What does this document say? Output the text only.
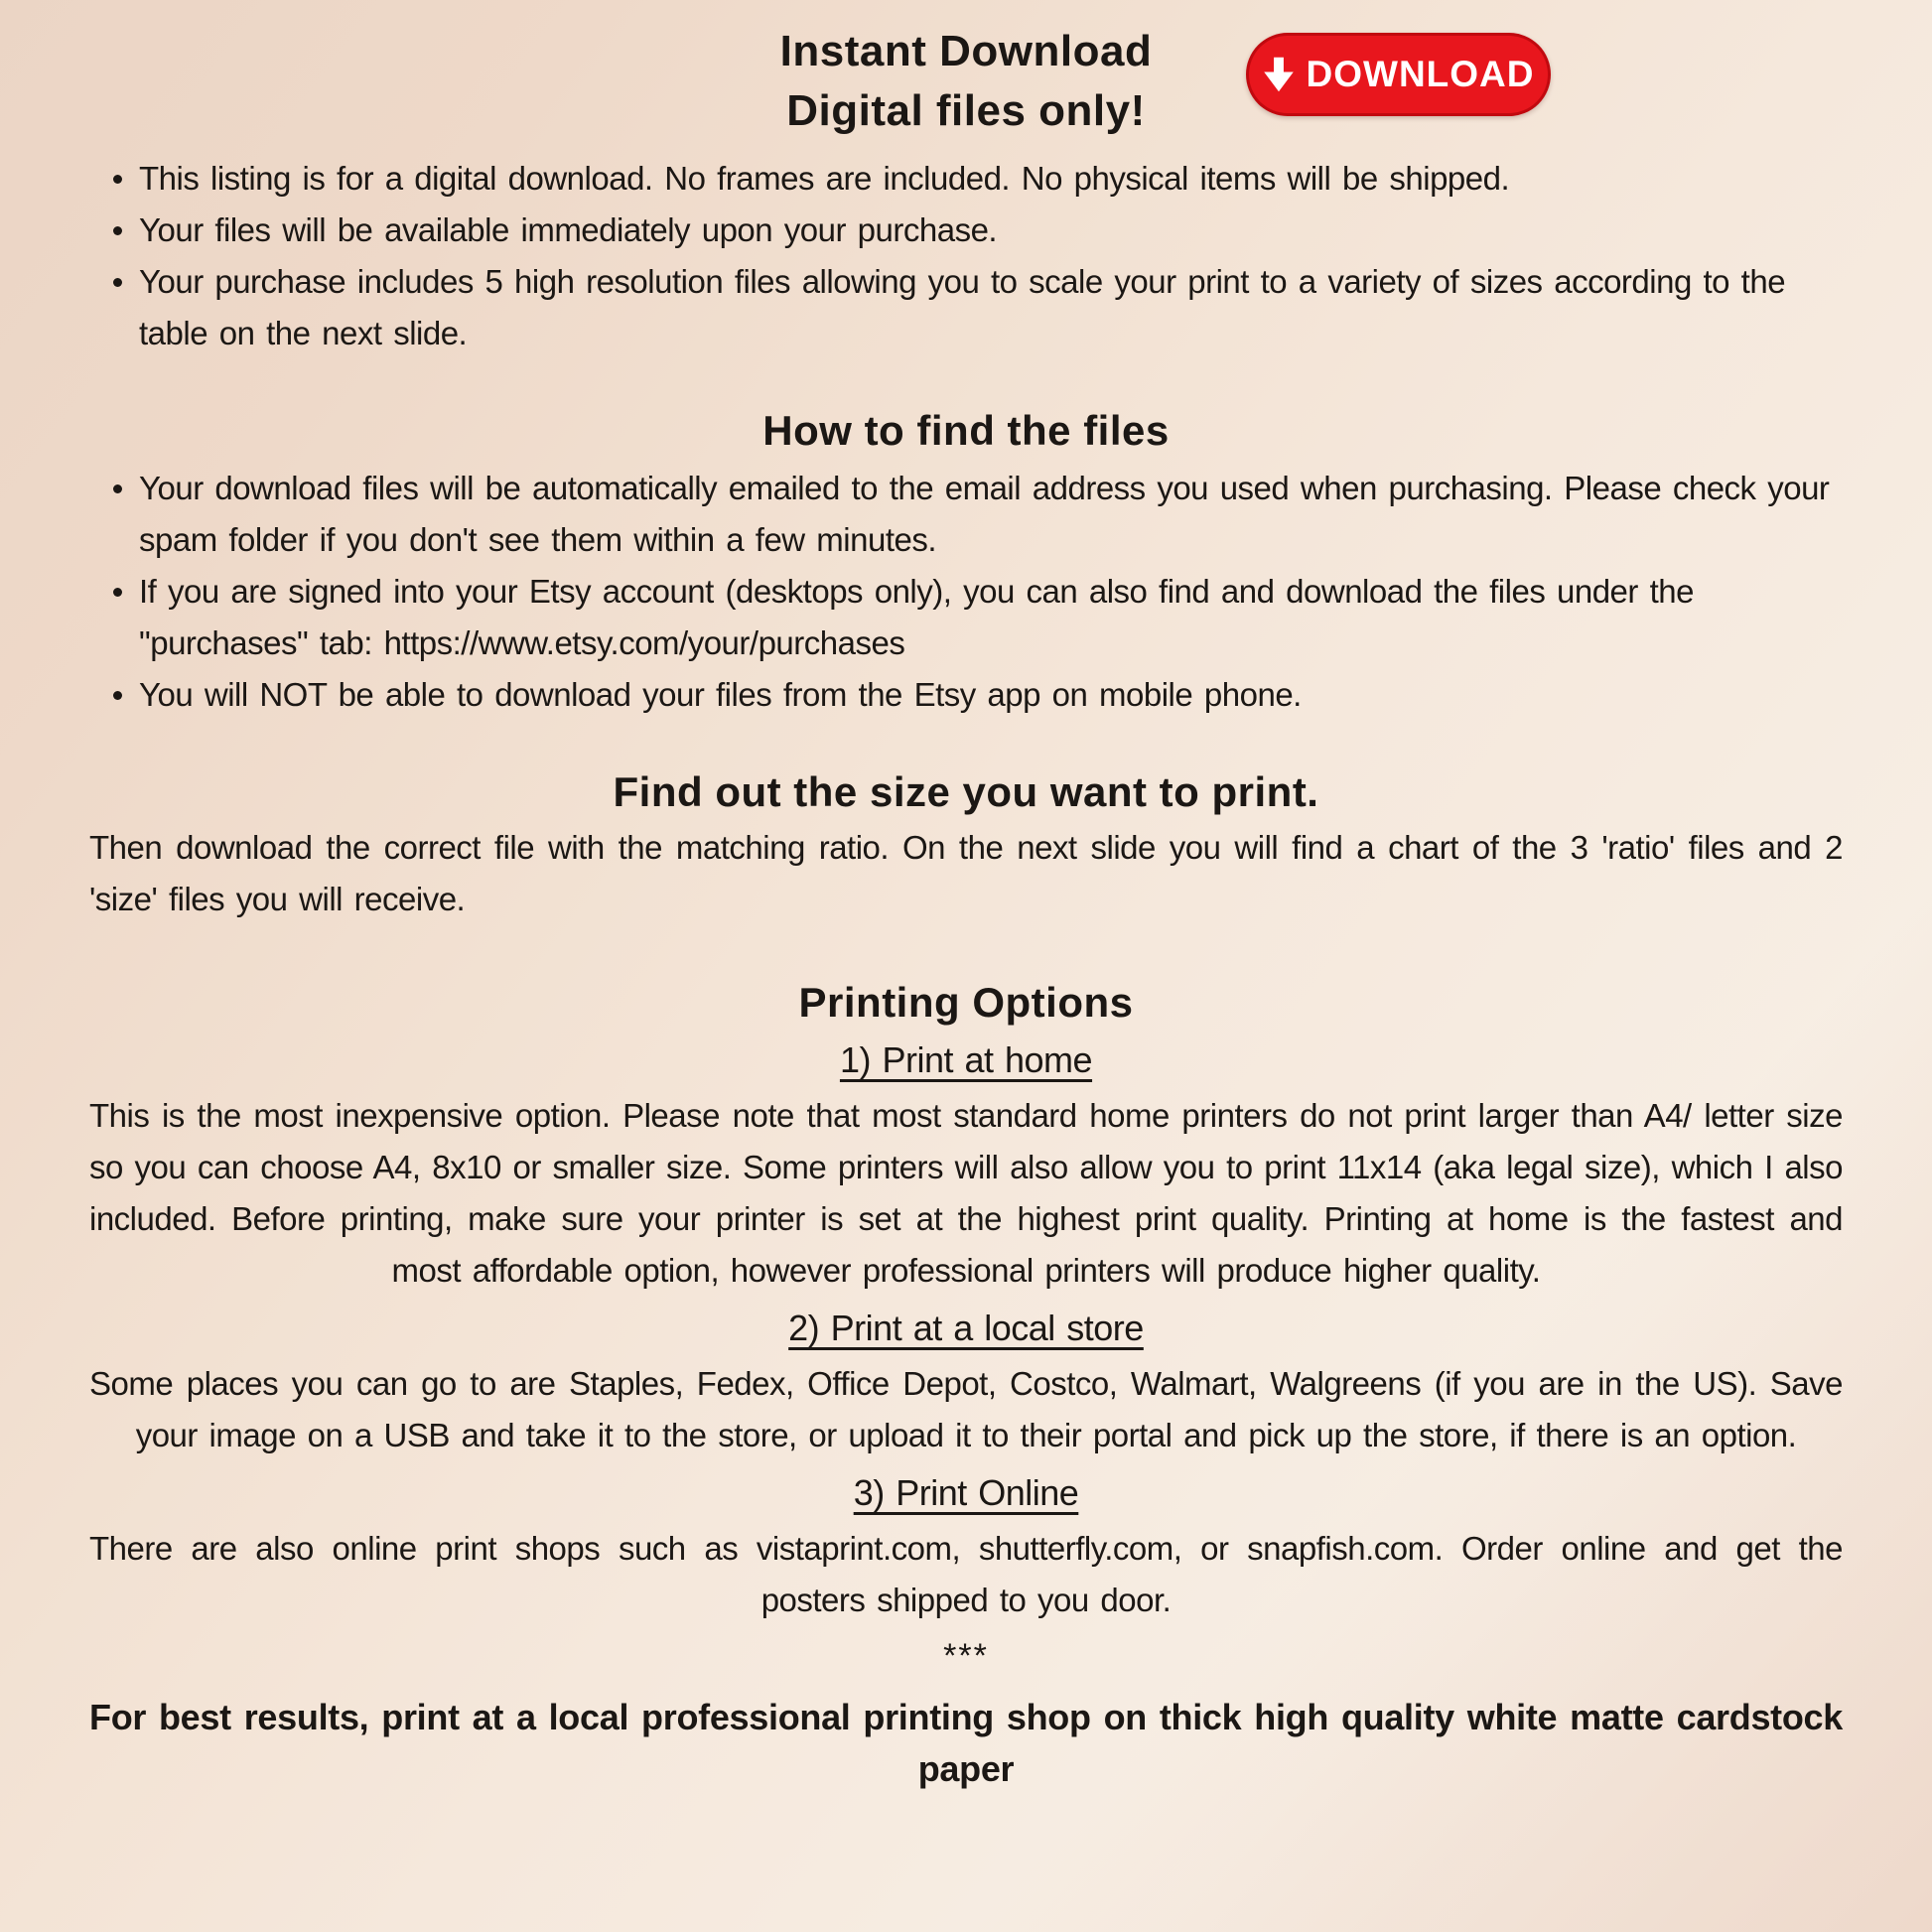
Instant Download
Digital files only!
DOWNLOAD
This listing is for a digital download. No frames are included. No physical items will be shipped.
Your files will be available immediately upon your purchase.
Your purchase includes 5 high resolution files allowing you to scale your print to a variety of sizes according to the table on the next slide.
How to find the files
Your download files will be automatically emailed to the email address you used when purchasing. Please check your spam folder if you don't see them within a few minutes.
If you are signed into your Etsy account (desktops only), you can also find and download the files under the "purchases" tab: https://www.etsy.com/your/purchases
You will NOT be able to download your files from the Etsy app on mobile phone.
Find out the size you want to print.

Then download the correct file with the matching ratio. On the next slide you will find a chart of the 3 'ratio' files and 2 'size' files you will receive.

Printing Options
1) Print at home

This is the most inexpensive option. Please note that most standard home printers do not print larger than A4/ letter size so you can choose A4, 8x10 or smaller size. Some printers will also allow you to print 11x14 (aka legal size), which I also included. Before printing, make sure your printer is set at the highest print quality. Printing at home is the fastest and most affordable option, however professional printers will produce higher quality.

2) Print at a local store

Some places you can go to are Staples, Fedex, Office Depot, Costco, Walmart, Walgreens (if you are in the US). Save your image on a USB and take it to the store, or upload it to their portal and pick up the store, if there is an option.

3) Print Online

There are also online print shops such as vistaprint.com, shutterfly.com, or snapfish.com. Order online and get the posters shipped to you door.

***

For best results, print at a local professional printing shop on thick high quality white matte cardstock paper
